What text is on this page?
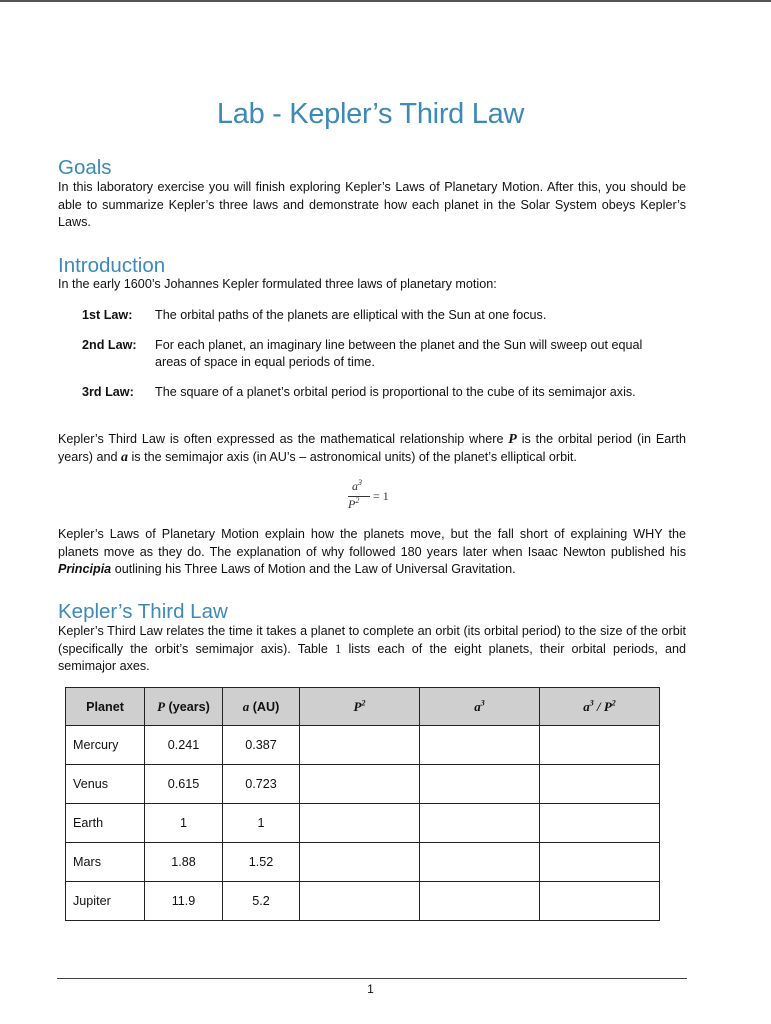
Lab - Kepler’s Third Law
Goals

In this laboratory exercise you will finish exploring Kepler’s Laws of Planetary Motion. After this, you should be able to summarize Kepler’s three laws and demonstrate how each planet in the Solar System obeys Kepler’s Laws.

Introduction

In the early 1600’s Johannes Kepler formulated three laws of planetary motion:

1st Law: The orbital paths of the planets are elliptical with the Sun at one focus.
2nd Law: For each planet, an imaginary line between the planet and the Sun will sweep out equal areas of space in equal periods of time.
3rd Law: The square of a planet’s orbital period is proportional to the cube of its semimajor axis.

Kepler’s Third Law is often expressed as the mathematical relationship where P is the orbital period (in Earth years) and a is the semimajor axis (in AU’s – astronomical units) of the planet’s elliptical orbit.

$a^3$
$P^2 = 1$

Kepler’s Laws of Planetary Motion explain how the planets move, but the fall short of explaining WHY the planets move as they do. The explanation of why followed 180 years later when Isaac Newton published his Principia outlining his Three Laws of Motion and the Law of Universal Gravitation.

Kepler’s Third Law

Kepler’s Third Law relates the time it takes a planet to complete an orbit (its orbital period) to the size of the orbit (specifically the orbit’s semimajor axis). Table 1 lists each of the eight planets, their orbital periods, and semimajor axes.

Planet	P (years)	a (AU)	$P^2$	$a^3$	$a^3 / P^2$
Mercury	0.241	0.387			
Venus	0.615	0.723			
Earth	1	1			
Mars	1.88	1.52			
Jupiter	11.9	5.2			
1
